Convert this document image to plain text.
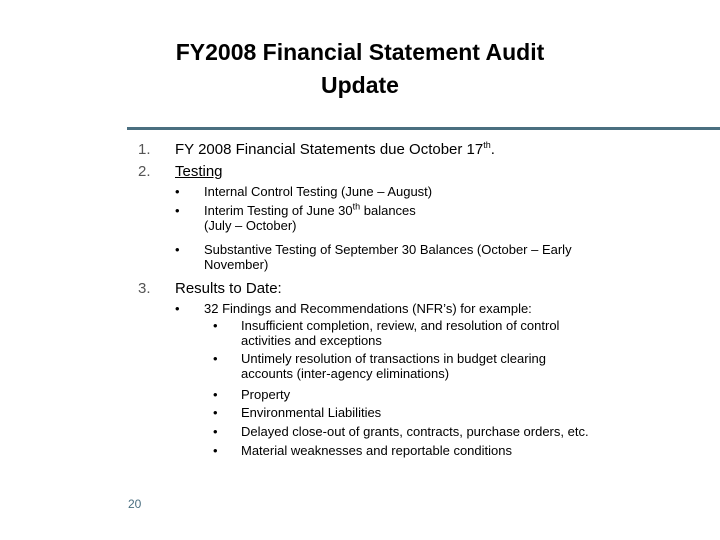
FY2008 Financial Statement Audit
Update
1. FY 2008 Financial Statements due October 17th.
2. Testing
• Internal Control Testing (June – August)
• Interim Testing of June 30th balances
(July – October)
• Substantive Testing of September 30 Balances (October – Early
November)
3. Results to Date:
• 32 Findings and Recommendations (NFR’s) for example:
• Insufficient completion, review, and resolution of control
activities and exceptions
• Untimely resolution of transactions in budget clearing
accounts (inter-agency eliminations)
• Property
• Environmental Liabilities
• Delayed close-out of grants, contracts, purchase orders, etc.
• Material weaknesses and reportable conditions
20
